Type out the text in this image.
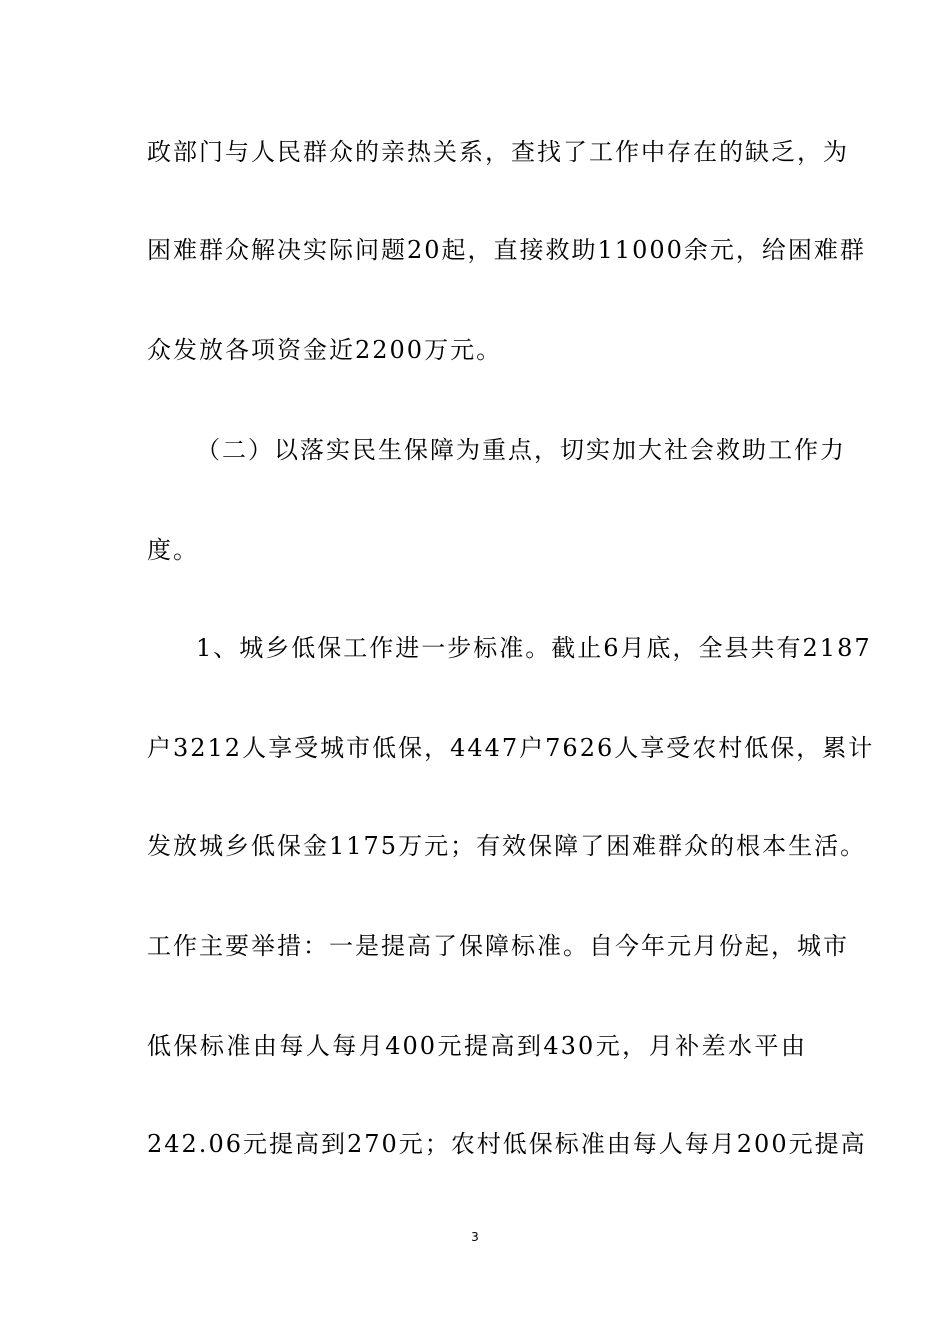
政部门与人民群众的亲热关系，查找了工作中存在的缺乏，为
困难群众解决实际问题20起，直接救助11000余元，给困难群
众发放各项资金近2200万元。
（二）以落实民生保障为重点，切实加大社会救助工作力
度。
1、城乡低保工作进一步标准。截止6月底，全县共有2187
户3212人享受城市低保，4447户7626人享受农村低保，累计
发放城乡低保金1175万元；有效保障了困难群众的根本生活。
工作主要举措：一是提高了保障标准。自今年元月份起，城市
低保标准由每人每月400元提高到430元，月补差水平由
242.06元提高到270元；农村低保标准由每人每月200元提高
3
